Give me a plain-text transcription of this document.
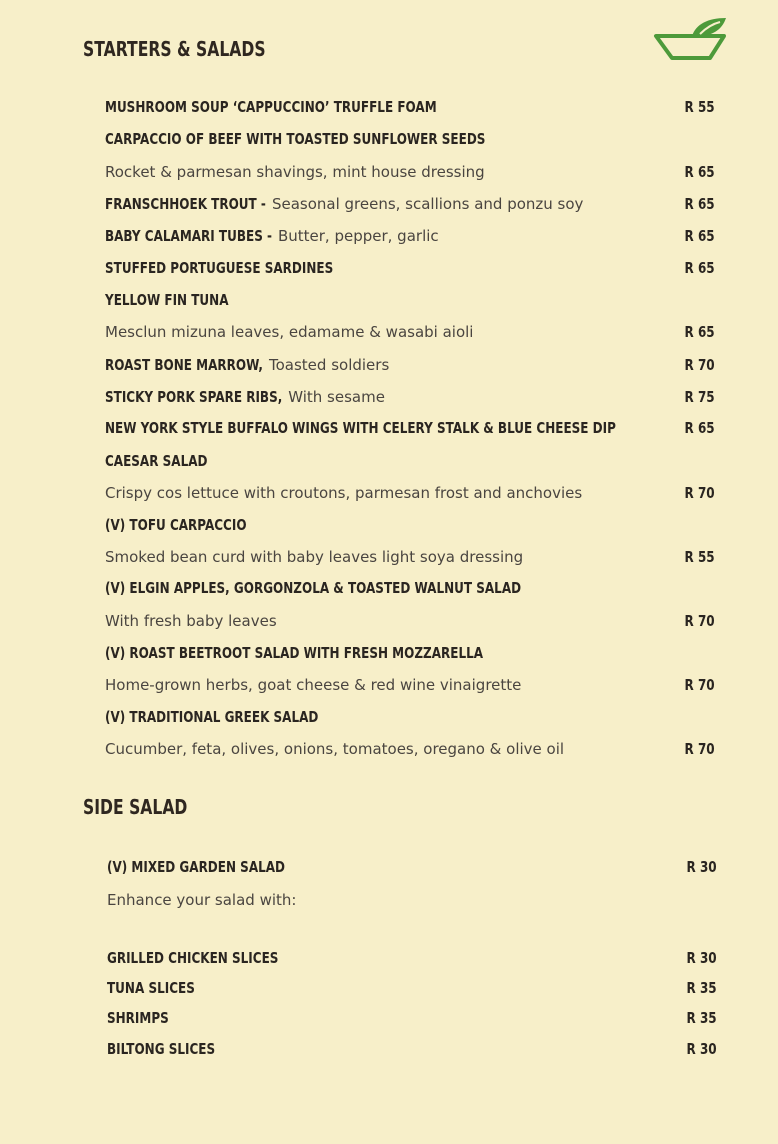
STARTERS & SALADS
MUSHROOM SOUP ‘CAPPUCCINO’ TRUFFLE FOAM	R 55
CARPACCIO OF BEEF WITH TOASTED SUNFLOWER SEEDS
Rocket & parmesan shavings, mint house dressing	R 65
FRANSCHHOEK TROUT - Seasonal greens, scallions and ponzu soy	R 65
BABY CALAMARI TUBES - Butter, pepper, garlic	R 65
STUFFED PORTUGUESE SARDINES	R 65
YELLOW FIN TUNA
Mesclun mizuna leaves, edamame & wasabi aioli	R 65
ROAST BONE MARROW, Toasted soldiers	R 70
STICKY PORK SPARE RIBS, With sesame	R 75
NEW YORK STYLE BUFFALO WINGS WITH CELERY STALK & BLUE CHEESE DIP	R 65
CAESAR SALAD
Crispy cos lettuce with croutons, parmesan frost and anchovies	R 70
(V) TOFU CARPACCIO
Smoked bean curd with baby leaves light soya dressing	R 55
(V) ELGIN APPLES, GORGONZOLA & TOASTED WALNUT SALAD
With fresh baby leaves	R 70
(V) ROAST BEETROOT SALAD WITH FRESH MOZZARELLA
Home-grown herbs, goat cheese & red wine vinaigrette	R 70
(V) TRADITIONAL GREEK SALAD
Cucumber, feta, olives, onions, tomatoes, oregano & olive oil	R 70
SIDE SALAD
(V) MIXED GARDEN SALAD	R 30
Enhance your salad with:
GRILLED CHICKEN SLICES	R 30
TUNA SLICES	R 35
SHRIMPS	R 35
BILTONG SLICES	R 30
